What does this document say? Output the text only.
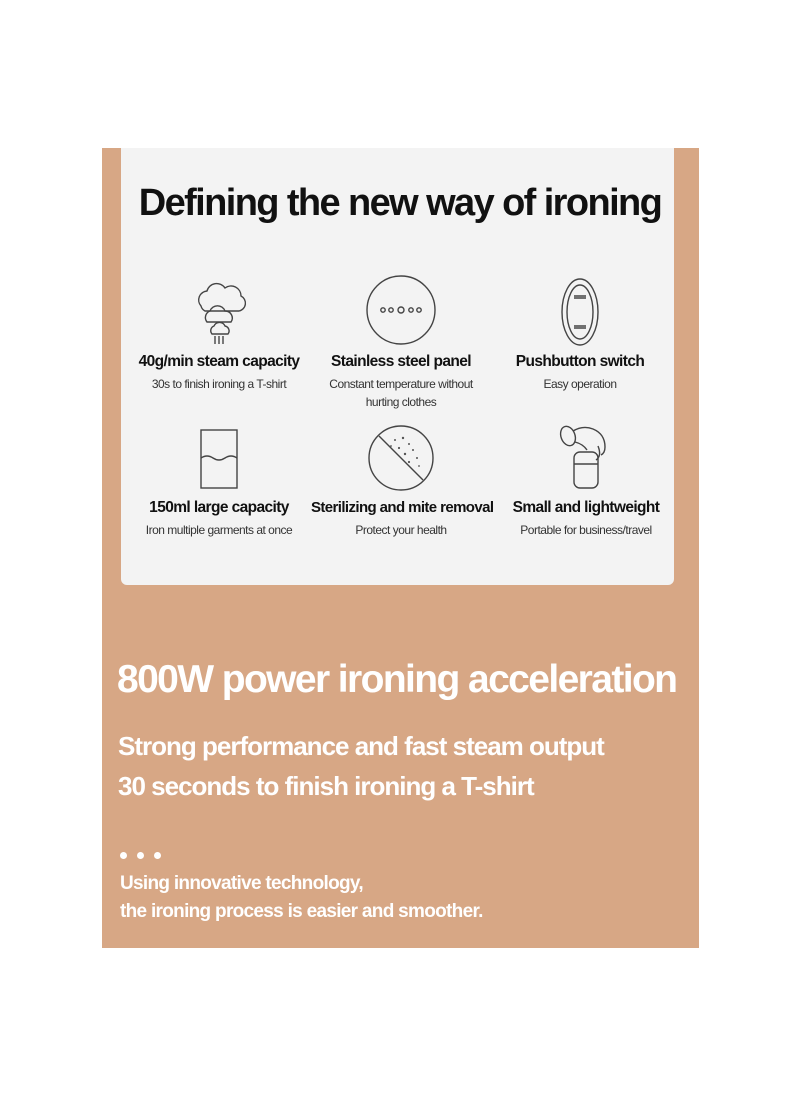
Defining the new way of ironing
40g/min steam capacity
30s to finish ironing a T-shirt
Stainless steel panel
Constant temperature without hurting clothes
Pushbutton switch
Easy operation
150ml large capacity
Iron multiple garments at once
Sterilizing and mite removal
Protect your health
Small and lightweight
Portable for business/travel
800W power ironing acceleration
Strong performance and fast steam output
30 seconds to finish ironing a T-shirt
Using innovative technology,
the ironing process is easier and smoother.
